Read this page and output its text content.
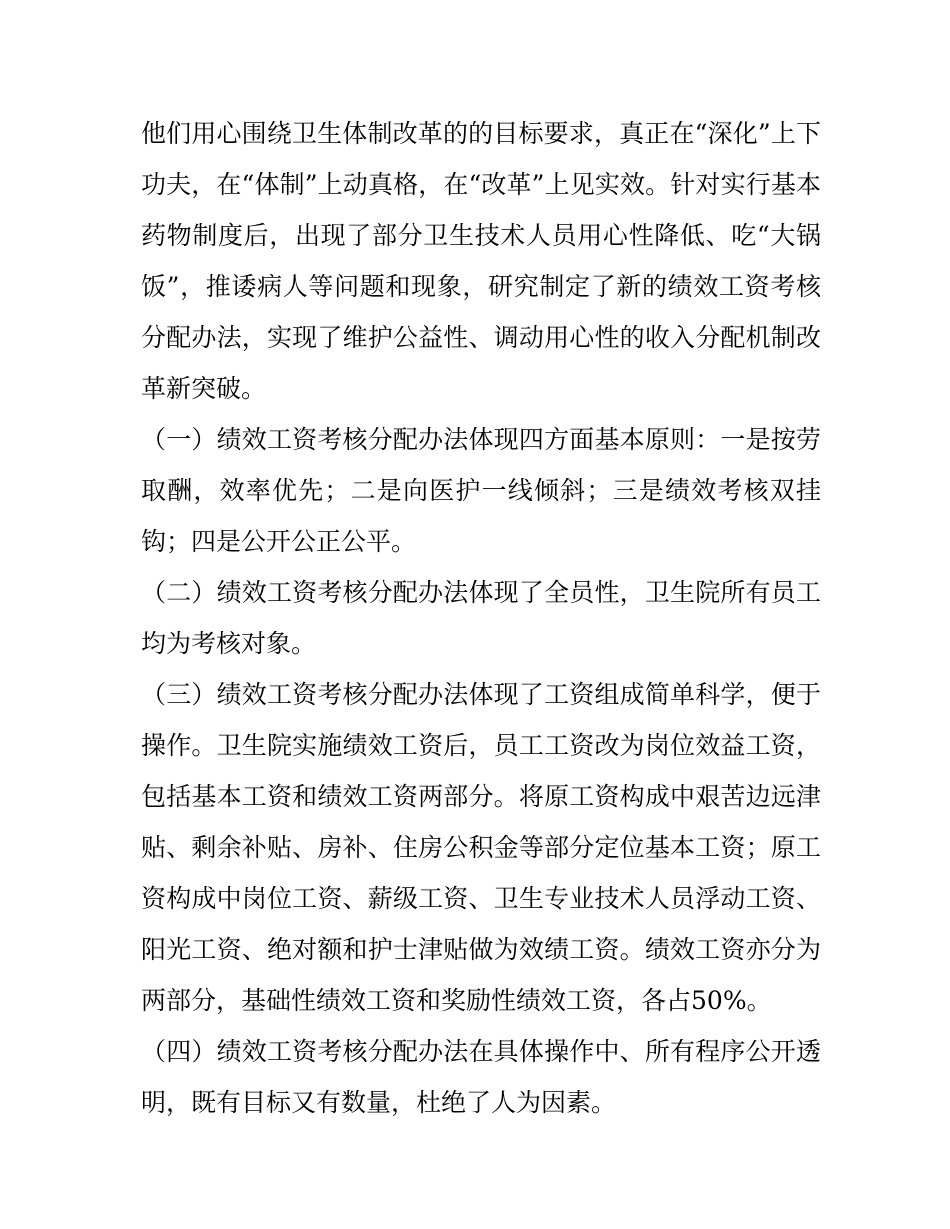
他们用心围绕卫生体制改革的的目标要求，真正在“深化”上下功夫，在“体制”上动真格，在“改革”上见实效。针对实行基本药物制度后，出现了部分卫生技术人员用心性降低、吃“大锅饭”，推诿病人等问题和现象，研究制定了新的绩效工资考核分配办法，实现了维护公益性、调动用心性的收入分配机制改革新突破。

（一）绩效工资考核分配办法体现四方面基本原则：一是按劳取酬，效率优先；二是向医护一线倾斜；三是绩效考核双挂钩；四是公开公正公平。

（二）绩效工资考核分配办法体现了全员性，卫生院所有员工均为考核对象。

（三）绩效工资考核分配办法体现了工资组成简单科学，便于操作。卫生院实施绩效工资后，员工工资改为岗位效益工资，包括基本工资和绩效工资两部分。将原工资构成中艰苦边远津贴、剩余补贴、房补、住房公积金等部分定位基本工资；原工资构成中岗位工资、薪级工资、卫生专业技术人员浮动工资、阳光工资、绝对额和护士津贴做为效绩工资。绩效工资亦分为两部分，基础性绩效工资和奖励性绩效工资，各占50%。

（四）绩效工资考核分配办法在具体操作中、所有程序公开透明，既有目标又有数量，杜绝了人为因素。
